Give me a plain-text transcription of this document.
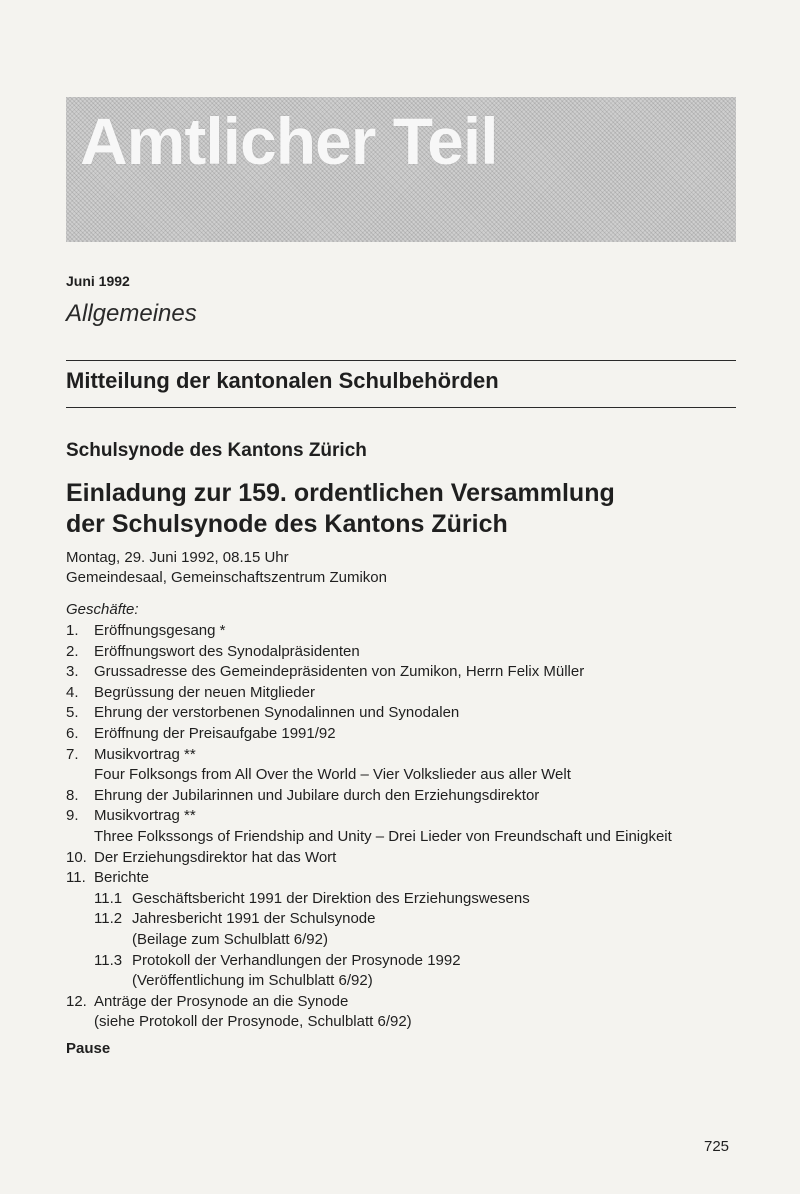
Amtlicher Teil
Juni 1992
Allgemeines
Mitteilung der kantonalen Schulbehörden
Schulsynode des Kantons Zürich
Einladung zur 159. ordentlichen Versammlung
der Schulsynode des Kantons Zürich
Montag, 29. Juni 1992, 08.15 Uhr
Gemeindesaal, Gemeinschaftszentrum Zumikon
Geschäfte:
1.	Eröffnungsgesang *
2.	Eröffnungswort des Synodalpräsidenten
3.	Grussadresse des Gemeindepräsidenten von Zumikon, Herrn Felix Müller
4.	Begrüssung der neuen Mitglieder
5.	Ehrung der verstorbenen Synodalinnen und Synodalen
6.	Eröffnung der Preisaufgabe 1991/92
7.	Musikvortrag **
Four Folksongs from All Over the World – Vier Volkslieder aus aller Welt
8.	Ehrung der Jubilarinnen und Jubilare durch den Erziehungsdirektor
9.	Musikvortrag **
Three Folkssongs of Friendship and Unity – Drei Lieder von Freundschaft und Einigkeit
10. Der Erziehungsdirektor hat das Wort
11. Berichte
11.1 Geschäftsbericht 1991 der Direktion des Erziehungswesens
11.2 Jahresbericht 1991 der Schulsynode
(Beilage zum Schulblatt 6/92)
11.3 Protokoll der Verhandlungen der Prosynode 1992
(Veröffentlichung im Schulblatt 6/92)
12. Anträge der Prosynode an die Synode
(siehe Protokoll der Prosynode, Schulblatt 6/92)
Pause
725
